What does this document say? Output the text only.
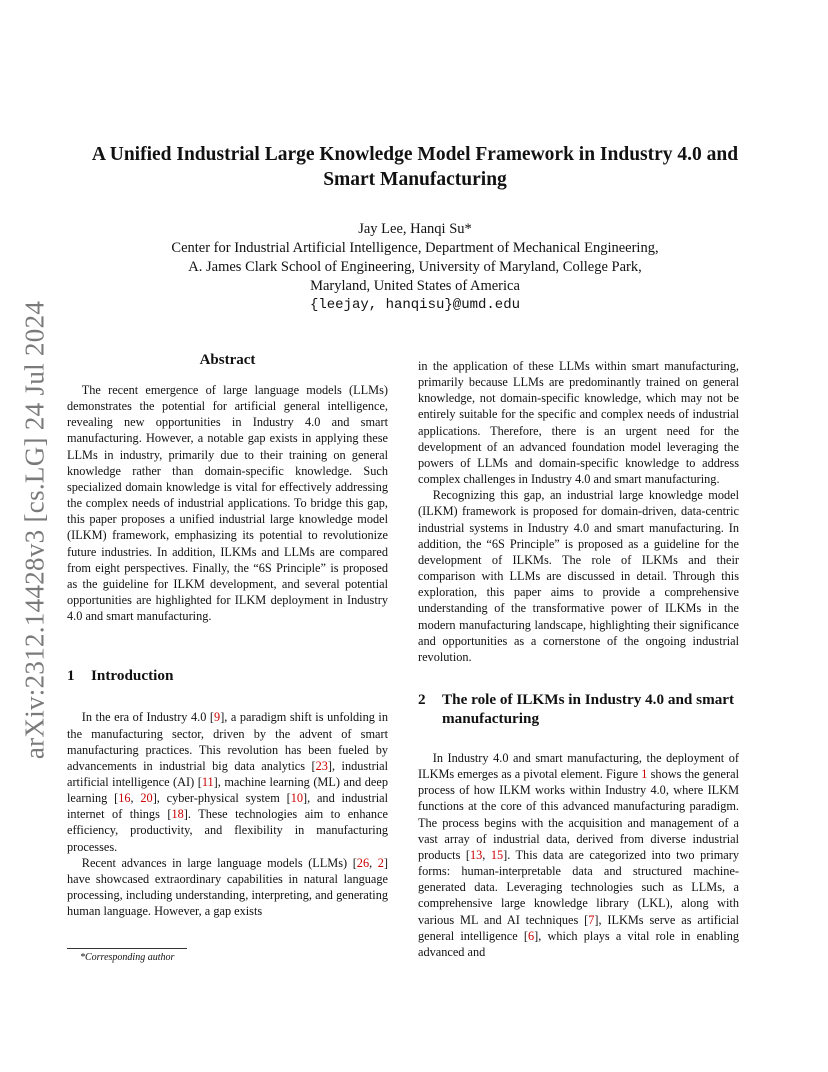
arXiv:2312.14428v3 [cs.LG] 24 Jul 2024
A Unified Industrial Large Knowledge Model Framework in Industry 4.0 and
Smart Manufacturing
Jay Lee, Hanqi Su*
Center for Industrial Artificial Intelligence, Department of Mechanical Engineering,
A. James Clark School of Engineering, University of Maryland, College Park,
Maryland, United States of America
{leejay, hanqisu}@umd.edu
Abstract

The recent emergence of large language models (LLMs) demonstrates the potential for artificial general intelligence, revealing new opportunities in Industry 4.0 and smart manufacturing. However, a notable gap exists in applying these LLMs in industry, primarily due to their training on general knowledge rather than domain-specific knowledge. Such specialized domain knowledge is vital for effectively addressing the complex needs of industrial applications. To bridge this gap, this paper proposes a unified industrial large knowledge model (ILKM) framework, emphasizing its potential to revolutionize future industries. In addition, ILKMs and LLMs are compared from eight perspectives. Finally, the “6S Principle” is proposed as the guideline for ILKM development, and several potential opportunities are highlighted for ILKM deployment in Industry 4.0 and smart manufacturing.

1	Introduction

In the era of Industry 4.0 [9], a paradigm shift is unfolding in the manufacturing sector, driven by the advent of smart manufacturing practices. This revolution has been fueled by advancements in industrial big data analytics [23], industrial artificial intelligence (AI) [11], machine learning (ML) and deep learning [16, 20], cyber-physical system [10], and industrial internet of things [18]. These technologies aim to enhance efficiency, productivity, and flexibility in manufacturing processes.

Recent advances in large language models (LLMs) [26, 2] have showcased extraordinary capabilities in natural language processing, including understanding, interpreting, and generating human language. However, a gap exists

in the application of these LLMs within smart manufacturing, primarily because LLMs are predominantly trained on general knowledge, not domain-specific knowledge, which may not be entirely suitable for the specific and complex needs of industrial applications. Therefore, there is an urgent need for the development of an advanced foundation model leveraging the powers of LLMs and domain-specific knowledge to address complex challenges in Industry 4.0 and smart manufacturing.

Recognizing this gap, an industrial large knowledge model (ILKM) framework is proposed for domain-driven, data-centric industrial systems in Industry 4.0 and smart manufacturing. In addition, the “6S Principle” is proposed as a guideline for the development of ILKMs. The role of ILKMs and their comparison with LLMs are discussed in detail. Through this exploration, this paper aims to provide a comprehensive understanding of the transformative power of ILKMs in the modern manufacturing landscape, highlighting their significance and opportunities as a cornerstone of the ongoing industrial revolution.

2	The role of ILKMs in Industry 4.0 and smart manufacturing

In Industry 4.0 and smart manufacturing, the deployment of ILKMs emerges as a pivotal element. Figure 1 shows the general process of how ILKM works within Industry 4.0, where ILKM functions at the core of this advanced manufacturing paradigm. The process begins with the acquisition and management of a vast array of industrial data, derived from diverse industrial products [13, 15]. This data are categorized into two primary forms: human-interpretable data and structured machine-generated data. Leveraging technologies such as LLMs, a comprehensive large knowledge library (LKL), along with various ML and AI techniques [7], ILKMs serve as artificial general intelligence [6], which plays a vital role in enabling advanced and

*Corresponding author
